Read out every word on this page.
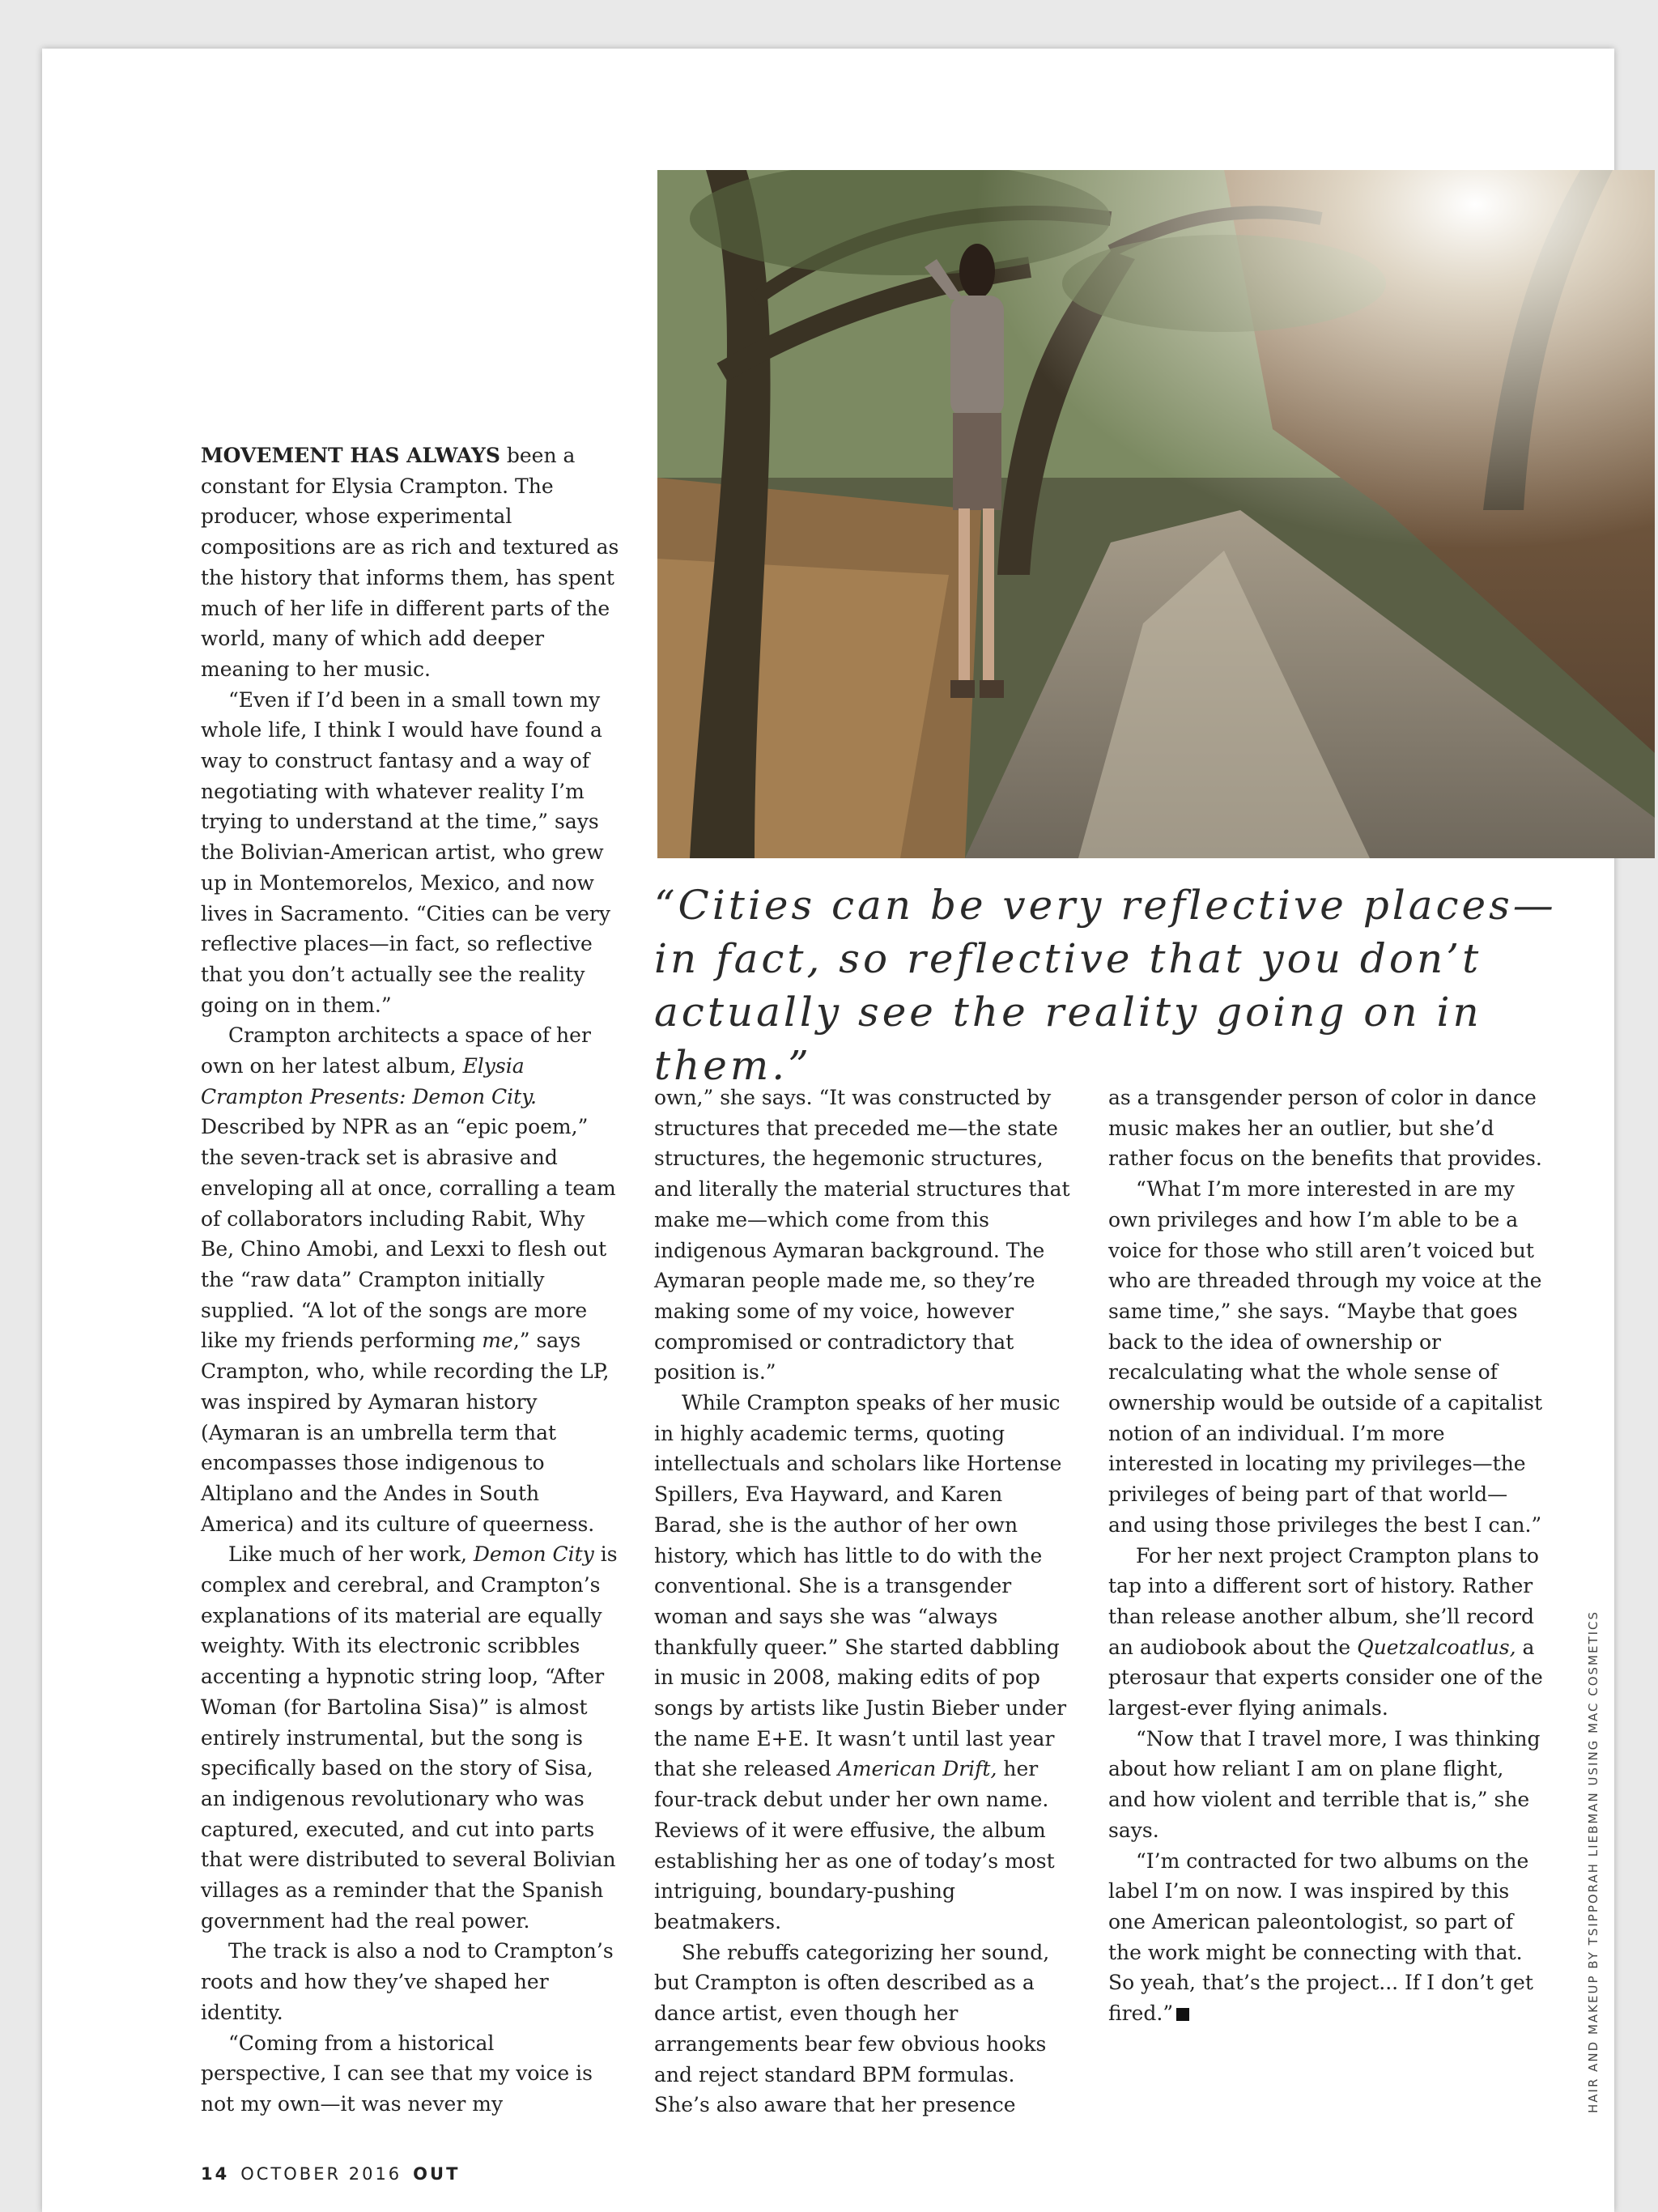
“Cities can be very reflective places—in fact, so reflective that you don’t actually see the reality going on in them.”

MOVEMENT HAS ALWAYS been a constant for Elysia Crampton. The producer, whose experimental compositions are as rich and textured as the history that informs them, has spent much of her life in different parts of the world, many of which add deeper meaning to her music.

“Even if I’d been in a small town my whole life, I think I would have found a way to construct fantasy and a way of negotiating with whatever reality I’m trying to understand at the time,” says the Bolivian-American artist, who grew up in Montemorelos, Mexico, and now lives in Sacramento. “Cities can be very reflective places—in fact, so reflective that you don’t actually see the reality going on in them.”

Crampton architects a space of her own on her latest album, Elysia Crampton Presents: Demon City. Described by NPR as an “epic poem,” the seven-track set is abrasive and enveloping all at once, corralling a team of collaborators including Rabit, Why Be, Chino Amobi, and Lexxi to flesh out the “raw data” Crampton initially supplied. “A lot of the songs are more like my friends performing me,” says Crampton, who, while recording the LP, was inspired by Aymaran history (Aymaran is an umbrella term that encompasses those indigenous to Altiplano and the Andes in South America) and its culture of queerness.

Like much of her work, Demon City is complex and cerebral, and Crampton’s explanations of its material are equally weighty. With its electronic scribbles accenting a hypnotic string loop, “After Woman (for Bartolina Sisa)” is almost entirely instrumental, but the song is specifically based on the story of Sisa, an indigenous revolutionary who was captured, executed, and cut into parts that were distributed to several Bolivian villages as a reminder that the Spanish government had the real power.

The track is also a nod to Crampton’s roots and how they’ve shaped her identity.

“Coming from a historical perspective, I can see that my voice is not my own—it was never my

own,” she says. “It was constructed by structures that preceded me—the state structures, the hegemonic structures, and literally the material structures that make me—which come from this indigenous Aymaran background. The Aymaran people made me, so they’re making some of my voice, however compromised or contradictory that position is.”

While Crampton speaks of her music in highly academic terms, quoting intellectuals and scholars like Hortense Spillers, Eva Hayward, and Karen Barad, she is the author of her own history, which has little to do with the conventional. She is a transgender woman and says she was “always thankfully queer.” She started dabbling in music in 2008, making edits of pop songs by artists like Justin Bieber under the name E+E. It wasn’t until last year that she released American Drift, her four-track debut under her own name. Reviews of it were effusive, the album establishing her as one of today’s most intriguing, boundary-pushing beatmakers.

She rebuffs categorizing her sound, but Crampton is often described as a dance artist, even though her arrangements bear few obvious hooks and reject standard BPM formulas. She’s also aware that her presence

as a transgender person of color in dance music makes her an outlier, but she’d rather focus on the benefits that provides.

“What I’m more interested in are my own privileges and how I’m able to be a voice for those who still aren’t voiced but who are threaded through my voice at the same time,” she says. “Maybe that goes back to the idea of ownership or recalculating what the whole sense of ownership would be outside of a capitalist notion of an individual. I’m more interested in locating my privileges—the privileges of being part of that world—and using those privileges the best I can.”

For her next project Crampton plans to tap into a different sort of history. Rather than release another album, she’ll record an audiobook about the Quetzalcoatlus, a pterosaur that experts consider one of the largest-ever flying animals.

“Now that I travel more, I was thinking about how reliant I am on plane flight, and how violent and terrible that is,” she says.

“I’m contracted for two albums on the label I’m on now. I was inspired by this one American paleontologist, so part of the work might be connecting with that. So yeah, that’s the project... If I don’t get fired.”

14 OCTOBER 2016 OUT
HAIR AND MAKEUP BY TSIPPORAH LIEBMAN USING MAC COSMETICS
